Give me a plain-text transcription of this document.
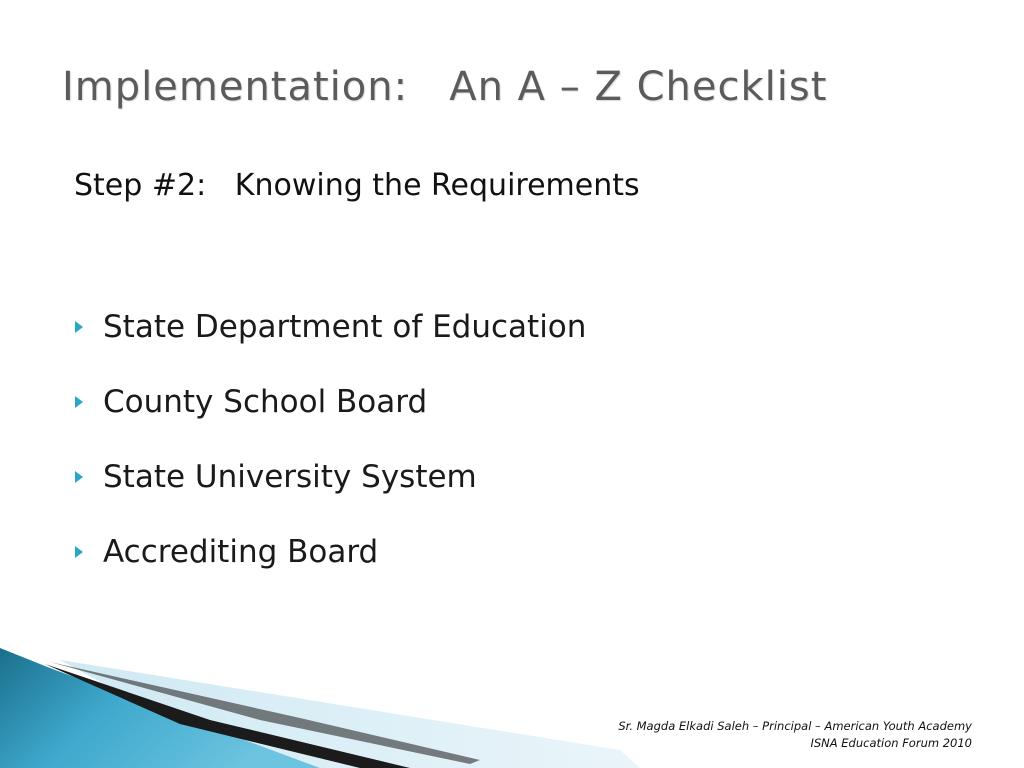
Implementation:   An A – Z Checklist
Step #2:   Knowing the Requirements
State Department of Education
County School Board
State University System
Accrediting Board
Sr. Magda Elkadi Saleh – Principal – American Youth Academy
ISNA Education Forum 2010
